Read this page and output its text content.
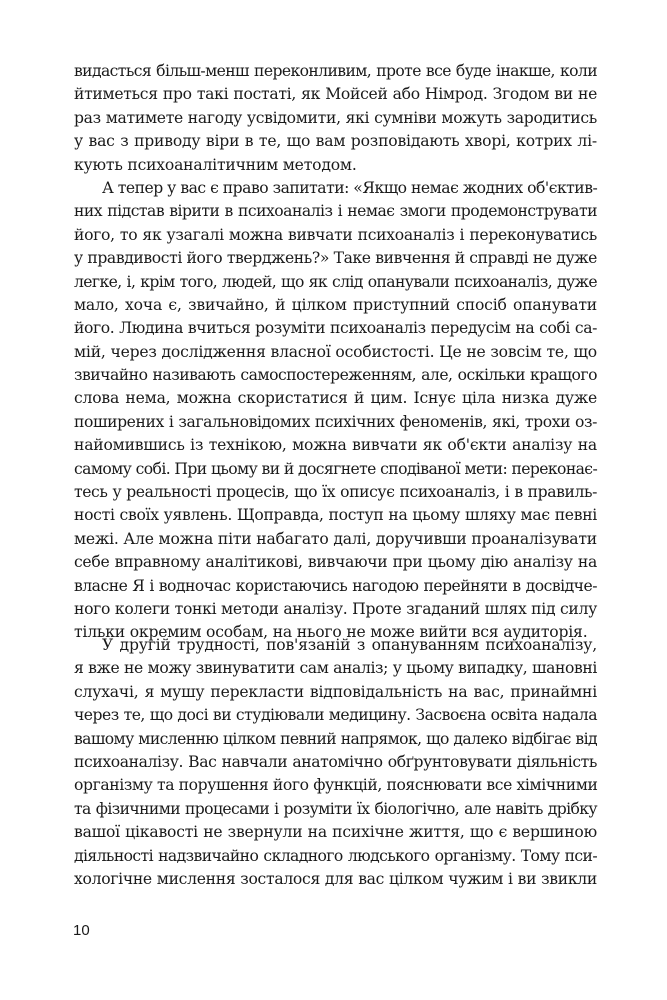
видасться більш-менш переконливим, проте все буде інакше, коли
йтиметься про такі постаті, як Мойсей або Німрод. Згодом ви не
раз матимете нагоду усвідомити, які сумніви можуть зародитись
у вас з приводу віри в те, що вам розповідають хворі, котрих лі-
кують психоаналітичним методом.
А тепер у вас є право запитати: «Якщо немає жодних об'єктив-
них підстав вірити в психоаналіз і немає змоги продемонструвати
його, то як узагалі можна вивчати психоаналіз і переконуватись
у правдивості його тверджень?» Таке вивчення й справді не дуже
легке, і, крім того, людей, що як слід опанували психоаналіз, дуже
мало, хоча є, звичайно, й цілком приступний спосіб опанувати
його. Людина вчиться розуміти психоаналіз передусім на собі са-
мій, через дослідження власної особистості. Це не зовсім те, що
звичайно називають самоспостереженням, але, оскільки кращого
слова нема, можна скористатися й цим. Існує ціла низка дуже
поширених і загальновідомих психічних феноменів, які, трохи оз-
найомившись із технікою, можна вивчати як об'єкти аналізу на
самому собі. При цьому ви й досягнете сподіваної мети: переконає-
тесь у реальності процесів, що їх описує психоаналіз, і в правиль-
ності своїх уявлень. Щоправда, поступ на цьому шляху має певні
межі. Але можна піти набагато далі, доручивши проаналізувати
себе вправному аналітикові, вивчаючи при цьому дію аналізу на
власне Я і водночас користаючись нагодою перейняти в досвідче-
ного колеги тонкі методи аналізу. Проте згаданий шлях під силу
тільки окремим особам, на нього не може вийти вся аудиторія.
У другій трудності, пов'язаній з опануванням психоаналізу,
я вже не можу звинуватити сам аналіз; у цьому випадку, шановні
слухачі, я мушу перекласти відповідальність на вас, принаймні
через те, що досі ви студіювали медицину. Засвоєна освіта надала
вашому мисленню цілком певний напрямок, що далеко відбігає від
психоаналізу. Вас навчали анатомічно обґрунтовувати діяльність
організму та порушення його функцій, пояснювати все хімічними
та фізичними процесами і розуміти їх біологічно, але навіть дрібку
вашої цікавості не звернули на психічне життя, що є вершиною
діяльності надзвичайно складного людського організму. Тому пси-
хологічне мислення зосталося для вас цілком чужим і ви звикли
10
